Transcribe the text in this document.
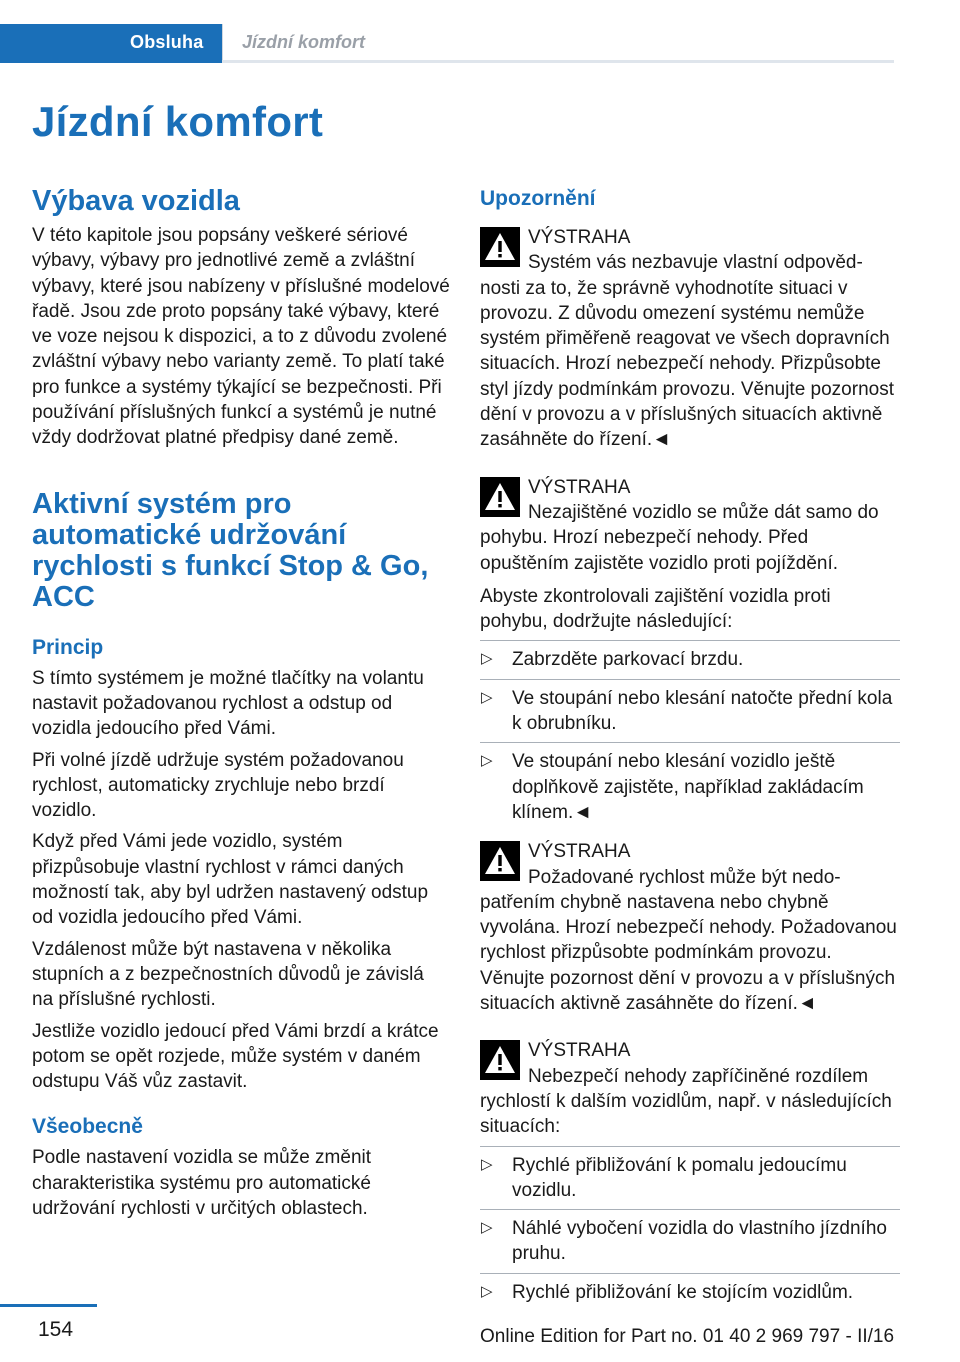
Obsluha Jízdní komfort
Jízdní komfort
Výbava vozidla

V této kapitole jsou popsány veškeré sériové výbavy, výbavy pro jednotlivé země a zvláštní výbavy, které jsou nabízeny v příslušné modelové řadě. Jsou zde proto popsány také výbavy, které ve voze nejsou k dispozici, a to z důvodu zvolené zvláštní výbavy nebo varianty země. To platí také pro funkce a systémy týkající se bezpečnosti. Při používání příslušných funkcí a systémů je nutné vždy dodržovat platné předpisy dané země.

Aktivní systém pro automatické udržování rychlosti s funkcí Stop & Go, ACC
Princip

S tímto systémem je možné tlačítky na volantu nastavit požadovanou rychlost a odstup od vozidla jedoucího před Vámi.

Při volné jízdě udržuje systém požadovanou rychlost, automaticky zrychluje nebo brzdí vozidlo.

Když před Vámi jede vozidlo, systém přizpůsobuje vlastní rychlost v rámci daných možností tak, aby byl udržen nastavený odstup od vozidla jedoucího před Vámi.

Vzdálenost může být nastavena v několika stupních a z bezpečnostních důvodů je závislá na příslušné rychlosti.

Jestliže vozidlo jedoucí před Vámi brzdí a krátce potom se opět rozjede, může systém v daném odstupu Váš vůz zastavit.

Všeobecně

Podle nastavení vozidla se může změnit charakteristika systému pro automatické udržování rychlosti v určitých oblastech.

Upozornění

VÝSTRAHA

Systém vás nezbavuje vlastní odpověd-

nosti za to, že správně vyhodnotíte situaci v provozu. Z důvodu omezení systému nemůže systém přiměřeně reagovat ve všech dopravních situacích. Hrozí nebezpečí nehody. Přizpůsobte styl jízdy podmínkám provozu. Věnujte pozornost dění v provozu a v příslušných situacích aktivně zasáhněte do řízení.◄

VÝSTRAHA

Nezajištěné vozidlo se může dát samo do

pohybu. Hrozí nebezpečí nehody. Před opuštěním zajistěte vozidlo proti pojíždění.

Abyste zkontrolovali zajištění vozidla proti pohybu, dodržujte následující:

▷ Zabrzděte parkovací brzdu.
▷ Ve stoupání nebo klesání natočte přední kola k obrubníku.
▷ Ve stoupání nebo klesání vozidlo ještě doplňkově zajistěte, například zakládacím klínem.◄

VÝSTRAHA

Požadované rychlost může být nedo-

patřením chybně nastavena nebo chybně vyvolána. Hrozí nebezpečí nehody. Požadovanou rychlost přizpůsobte podmínkám provozu. Věnujte pozornost dění v provozu a v příslušných situacích aktivně zasáhněte do řízení.◄

VÝSTRAHA

Nebezpečí nehody zapříčiněné rozdílem

rychlostí k dalším vozidlům, např. v následujících situacích:

▷ Rychlé přibližování k pomalu jedoucímu vozidlu.
▷ Náhlé vybočení vozidla do vlastního jízdního pruhu.
▷ Rychlé přibližování ke stojícím vozidlům.
154	Online Edition for Part no. 01 40 2 969 797 - II/16
